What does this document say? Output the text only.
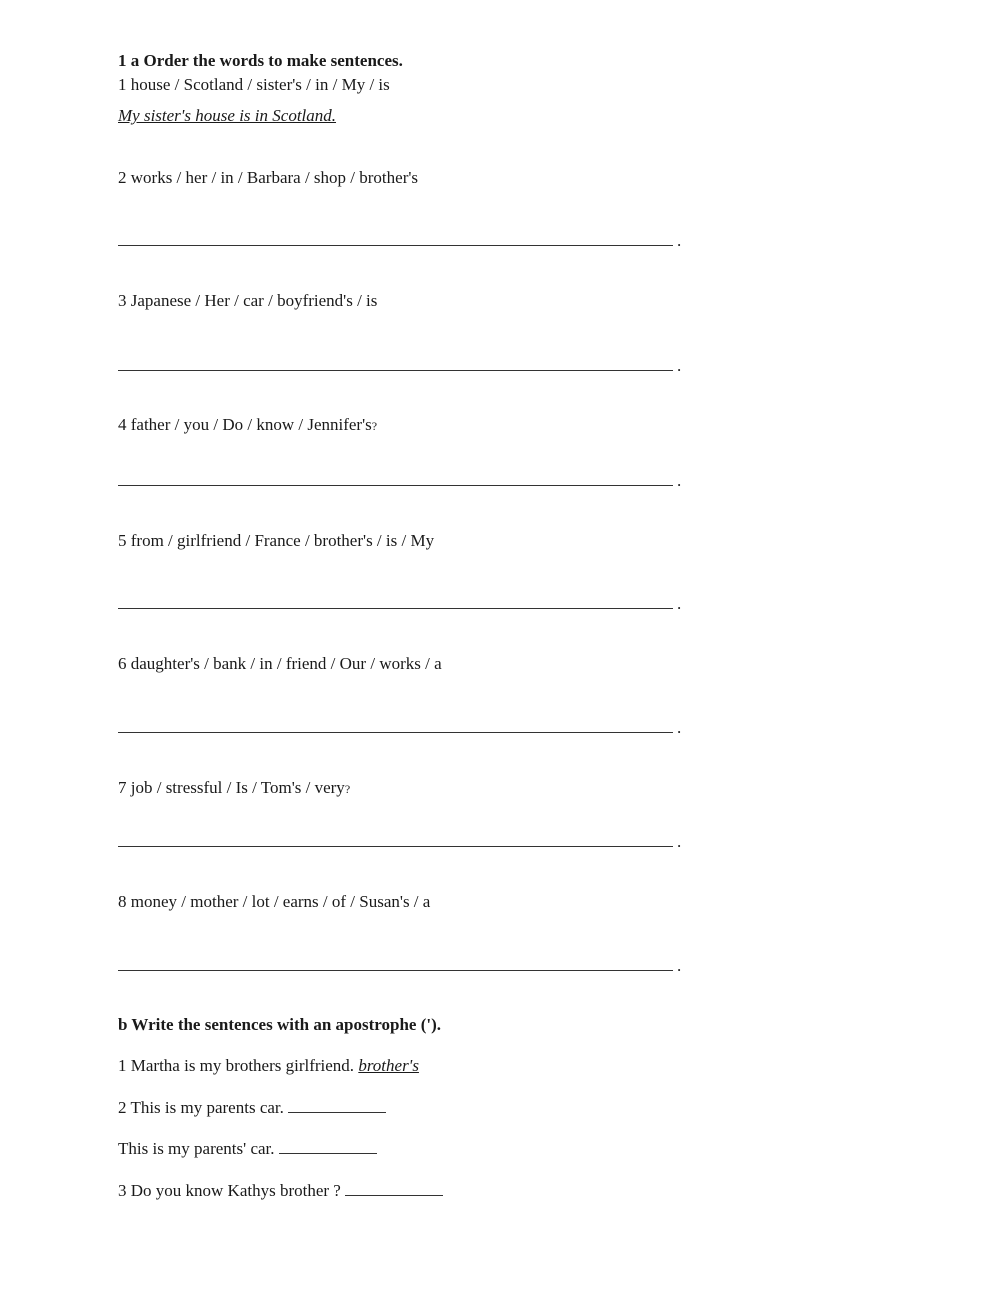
1 a Order the words to make sentences.
1 house / Scotland / sister's / in / My / is
My sister's house is in Scotland.
2 works / her / in / Barbara / shop / brother's
.
3 Japanese / Her / car / boyfriend's / is
.
4 father / you / Do / know / Jennifer's?
.
5 from / girlfriend / France / brother's / is / My
.
6 daughter's / bank / in / friend / Our / works / a
.
7 job / stressful / Is / Tom's / very?
.
8 money / mother / lot / earns / of / Susan's / a
.
b Write the sentences with an apostrophe (').
1 Martha is my brothers girlfriend. brother's
2 This is my parents car.
This is my parents' car.
3 Do you know Kathys brother ?
